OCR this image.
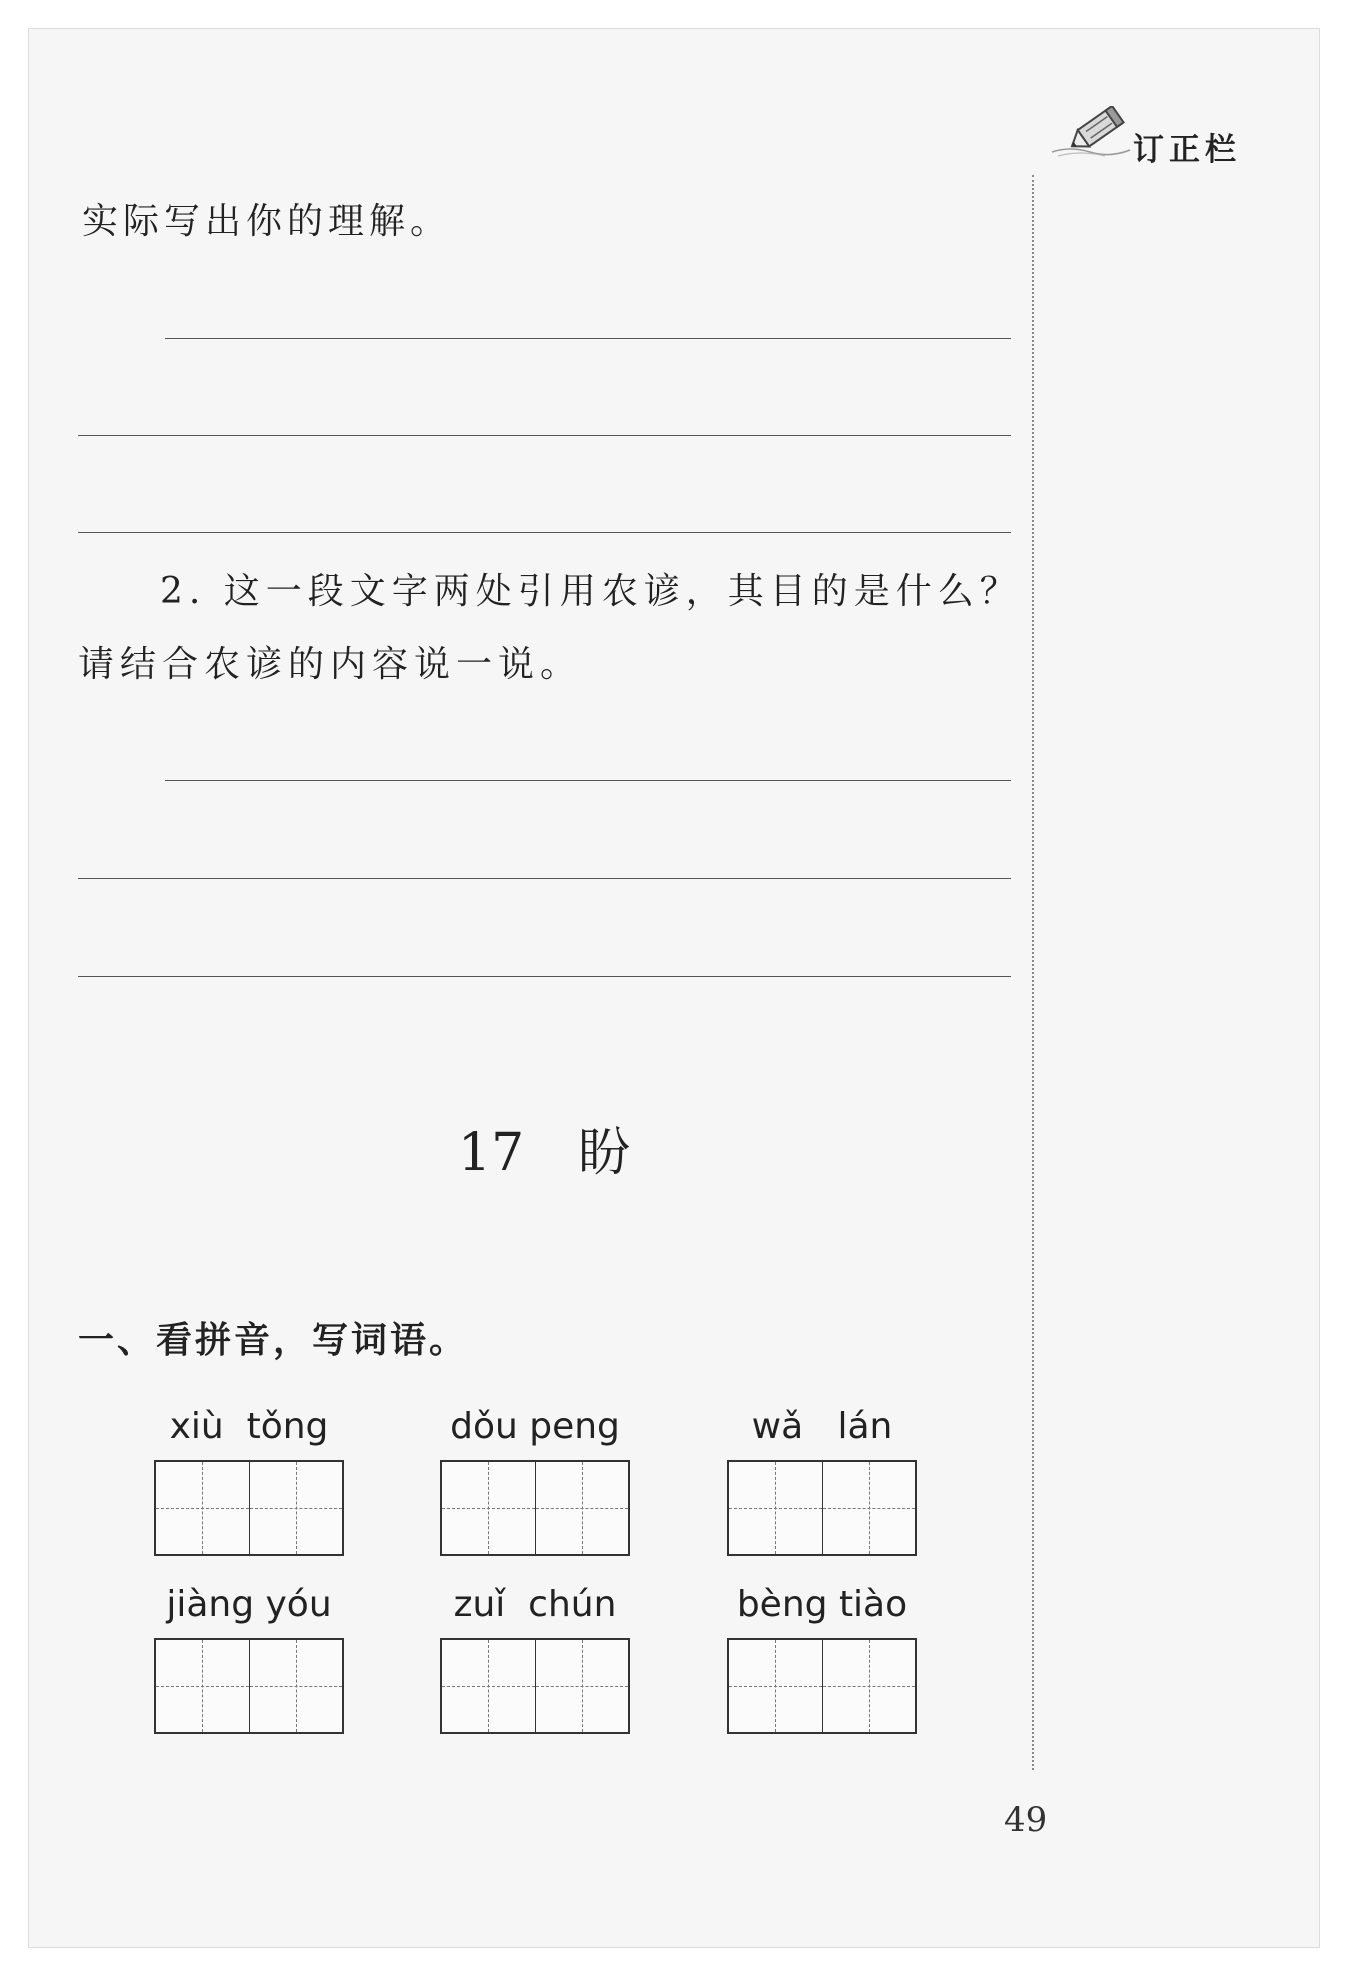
订正栏
实际写出你的理解。
2. 这一段文字两处引用农谚，其目的是什么？
请结合农谚的内容说一说。
17 盼
一、看拼音，写词语。
xiù  tǒng	dǒu peng	wǎ   lán
jiàng yóu	zuǐ  chún	bèng tiào
49
